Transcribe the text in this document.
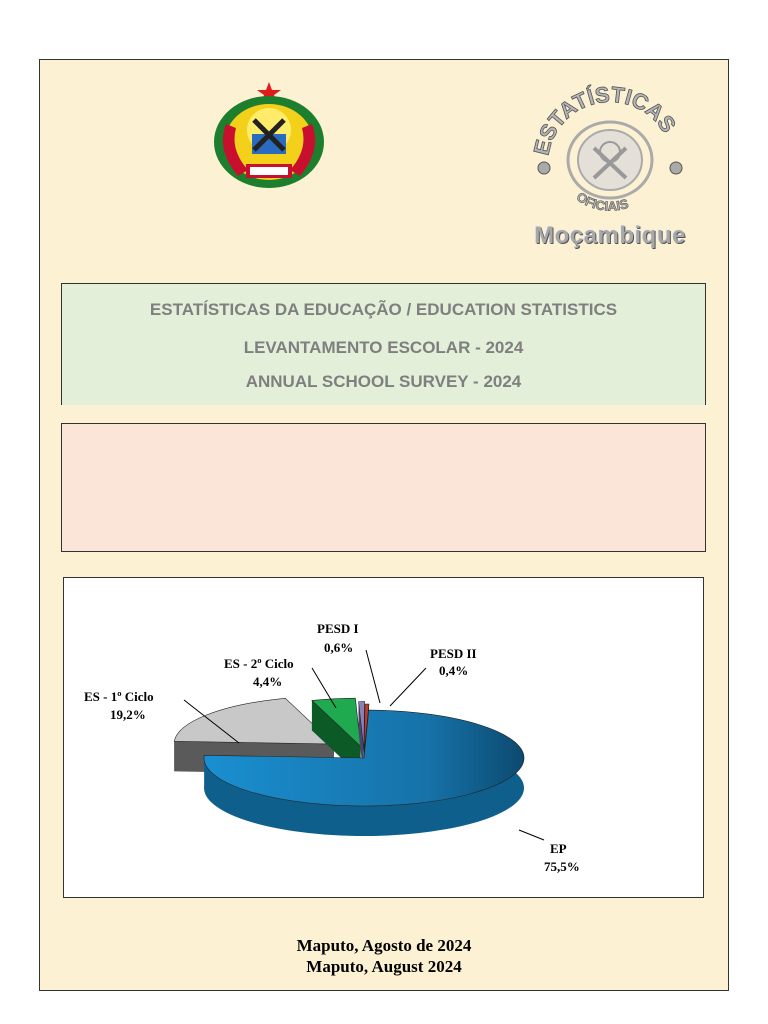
ESTATÍSTICAS
OFICIAIS
Moçambique
ESTATÍSTICAS DA EDUCAÇÃO / EDUCATION STATISTICS
LEVANTAMENTO ESCOLAR - 2024
ANNUAL SCHOOL SURVEY - 2024
EP
75,5%
ES - 1º Ciclo
19,2%
ES - 2º Ciclo
4,4%
PESD I
0,6%	PESD II
0,4%
Maputo, Agosto de 2024
Maputo, August 2024
